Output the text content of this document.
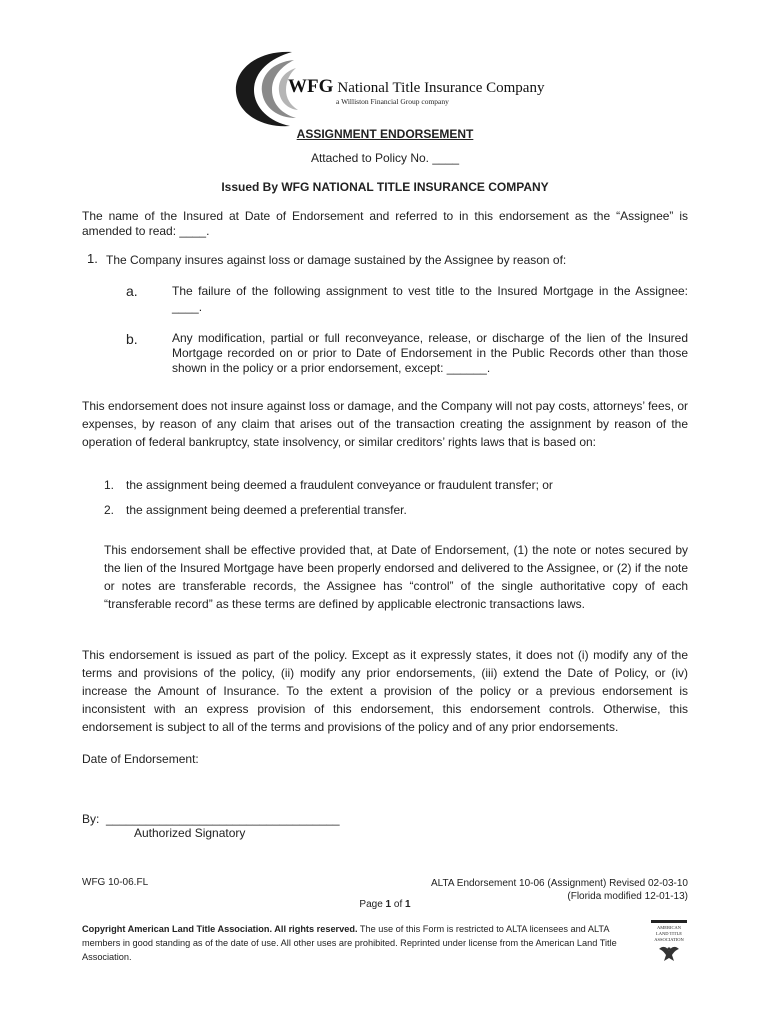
WFG National Title Insurance Company
a Williston Financial Group company
ASSIGNMENT ENDORSEMENT
Attached to Policy No. ____
Issued By WFG NATIONAL TITLE INSURANCE COMPANY
The name of the Insured at Date of Endorsement and referred to in this endorsement as the “Assignee” is amended to read: ____.
1. The Company insures against loss or damage sustained by the Assignee by reason of:
a.	The failure of the following assignment to vest title to the Insured Mortgage in the Assignee: ____.
b.	Any modification, partial or full reconveyance, release, or discharge of the lien of the Insured Mortgage recorded on or prior to Date of Endorsement in the Public Records other than those shown in the policy or a prior endorsement, except: ______.
This endorsement does not insure against loss or damage, and the Company will not pay costs, attorneys’ fees, or expenses, by reason of any claim that arises out of the transaction creating the assignment by reason of the operation of federal bankruptcy, state insolvency, or similar creditors’ rights laws that is based on:
1. the assignment being deemed a fraudulent conveyance or fraudulent transfer; or
2. the assignment being deemed a preferential transfer.
This endorsement shall be effective provided that, at Date of Endorsement, (1) the note or notes secured by the lien of the Insured Mortgage have been properly endorsed and delivered to the Assignee, or (2) if the note or notes are transferable records, the Assignee has “control” of the single authoritative copy of each “transferable record” as these terms are defined by applicable electronic transactions laws.
This endorsement is issued as part of the policy. Except as it expressly states, it does not (i) modify any of the terms and provisions of the policy, (ii) modify any prior endorsements, (iii) extend the Date of Policy, or (iv) increase the Amount of Insurance. To the extent a provision of the policy or a previous endorsement is inconsistent with an express provision of this endorsement, this endorsement controls. Otherwise, this endorsement is subject to all of the terms and provisions of the policy and of any prior endorsements.
Date of Endorsement:
By: ___________________________________
Authorized Signatory
WFG 10-06.FL	ALTA Endorsement 10-06 (Assignment) Revised 02-03-10
(Florida modified 12-01-13)
Page 1 of 1
Copyright American Land Title Association. All rights reserved. The use of this Form is restricted to ALTA licensees and ALTA members in good standing as of the date of use. All other uses are prohibited. Reprinted under license from the American Land Title Association.
AMERICAN
LAND TITLE
ASSOCIATION
